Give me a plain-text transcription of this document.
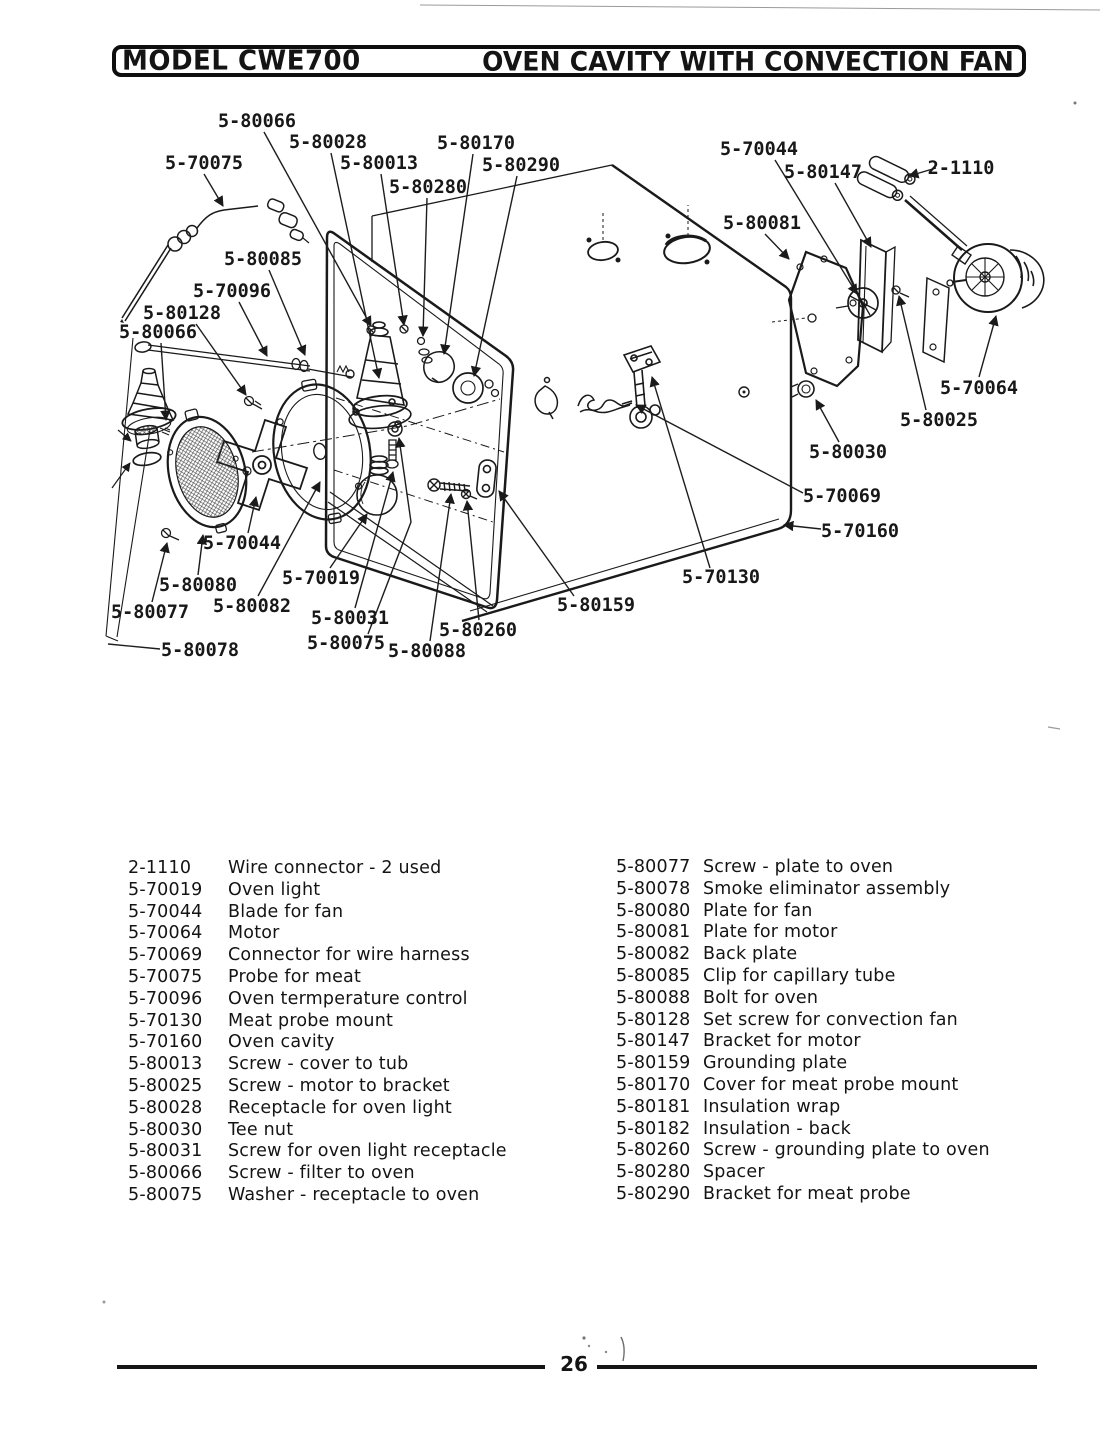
5-80066
5-80028
5-80013
5-80280
5-80170
5-80290
5-70075
5-80085
5-70096
5-80128
5-80066
5-70044
5-80080
5-80077
5-80078
5-80082
5-70019
5-80031
5-80075 5-80088
5-80260
5-80159
5-70130
5-70069
5-70160
5-80030
5-80025
5-70064
5-80081
5-70044
5-80147	2-1110
MODEL CWE700	OVEN CAVITY WITH CONVECTION FAN
2-1110	Wire connector - 2 used
5-70019	Oven light
5-70044	Blade for fan
5-70064	Motor
5-70069	Connector for wire harness
5-70075	Probe for meat
5-70096	Oven termperature control
5-70130	Meat probe mount
5-70160	Oven cavity
5-80013	Screw - cover to tub
5-80025	Screw - motor to bracket
5-80028	Receptacle for oven light
5-80030	Tee nut
5-80031	Screw for oven light receptacle
5-80066	Screw - filter to oven
5-80075	Washer - receptacle to oven
5-80077 Screw - plate to oven
5-80078 Smoke eliminator assembly
5-80080 Plate for fan
5-80081 Plate for motor
5-80082 Back plate
5-80085 Clip for capillary tube
5-80088 Bolt for oven
5-80128 Set screw for convection fan
5-80147 Bracket for motor
5-80159 Grounding plate
5-80170 Cover for meat probe mount
5-80181 Insulation wrap
5-80182 Insulation - back
5-80260 Screw - grounding plate to oven
5-80280 Spacer
5-80290 Bracket for meat probe
26
